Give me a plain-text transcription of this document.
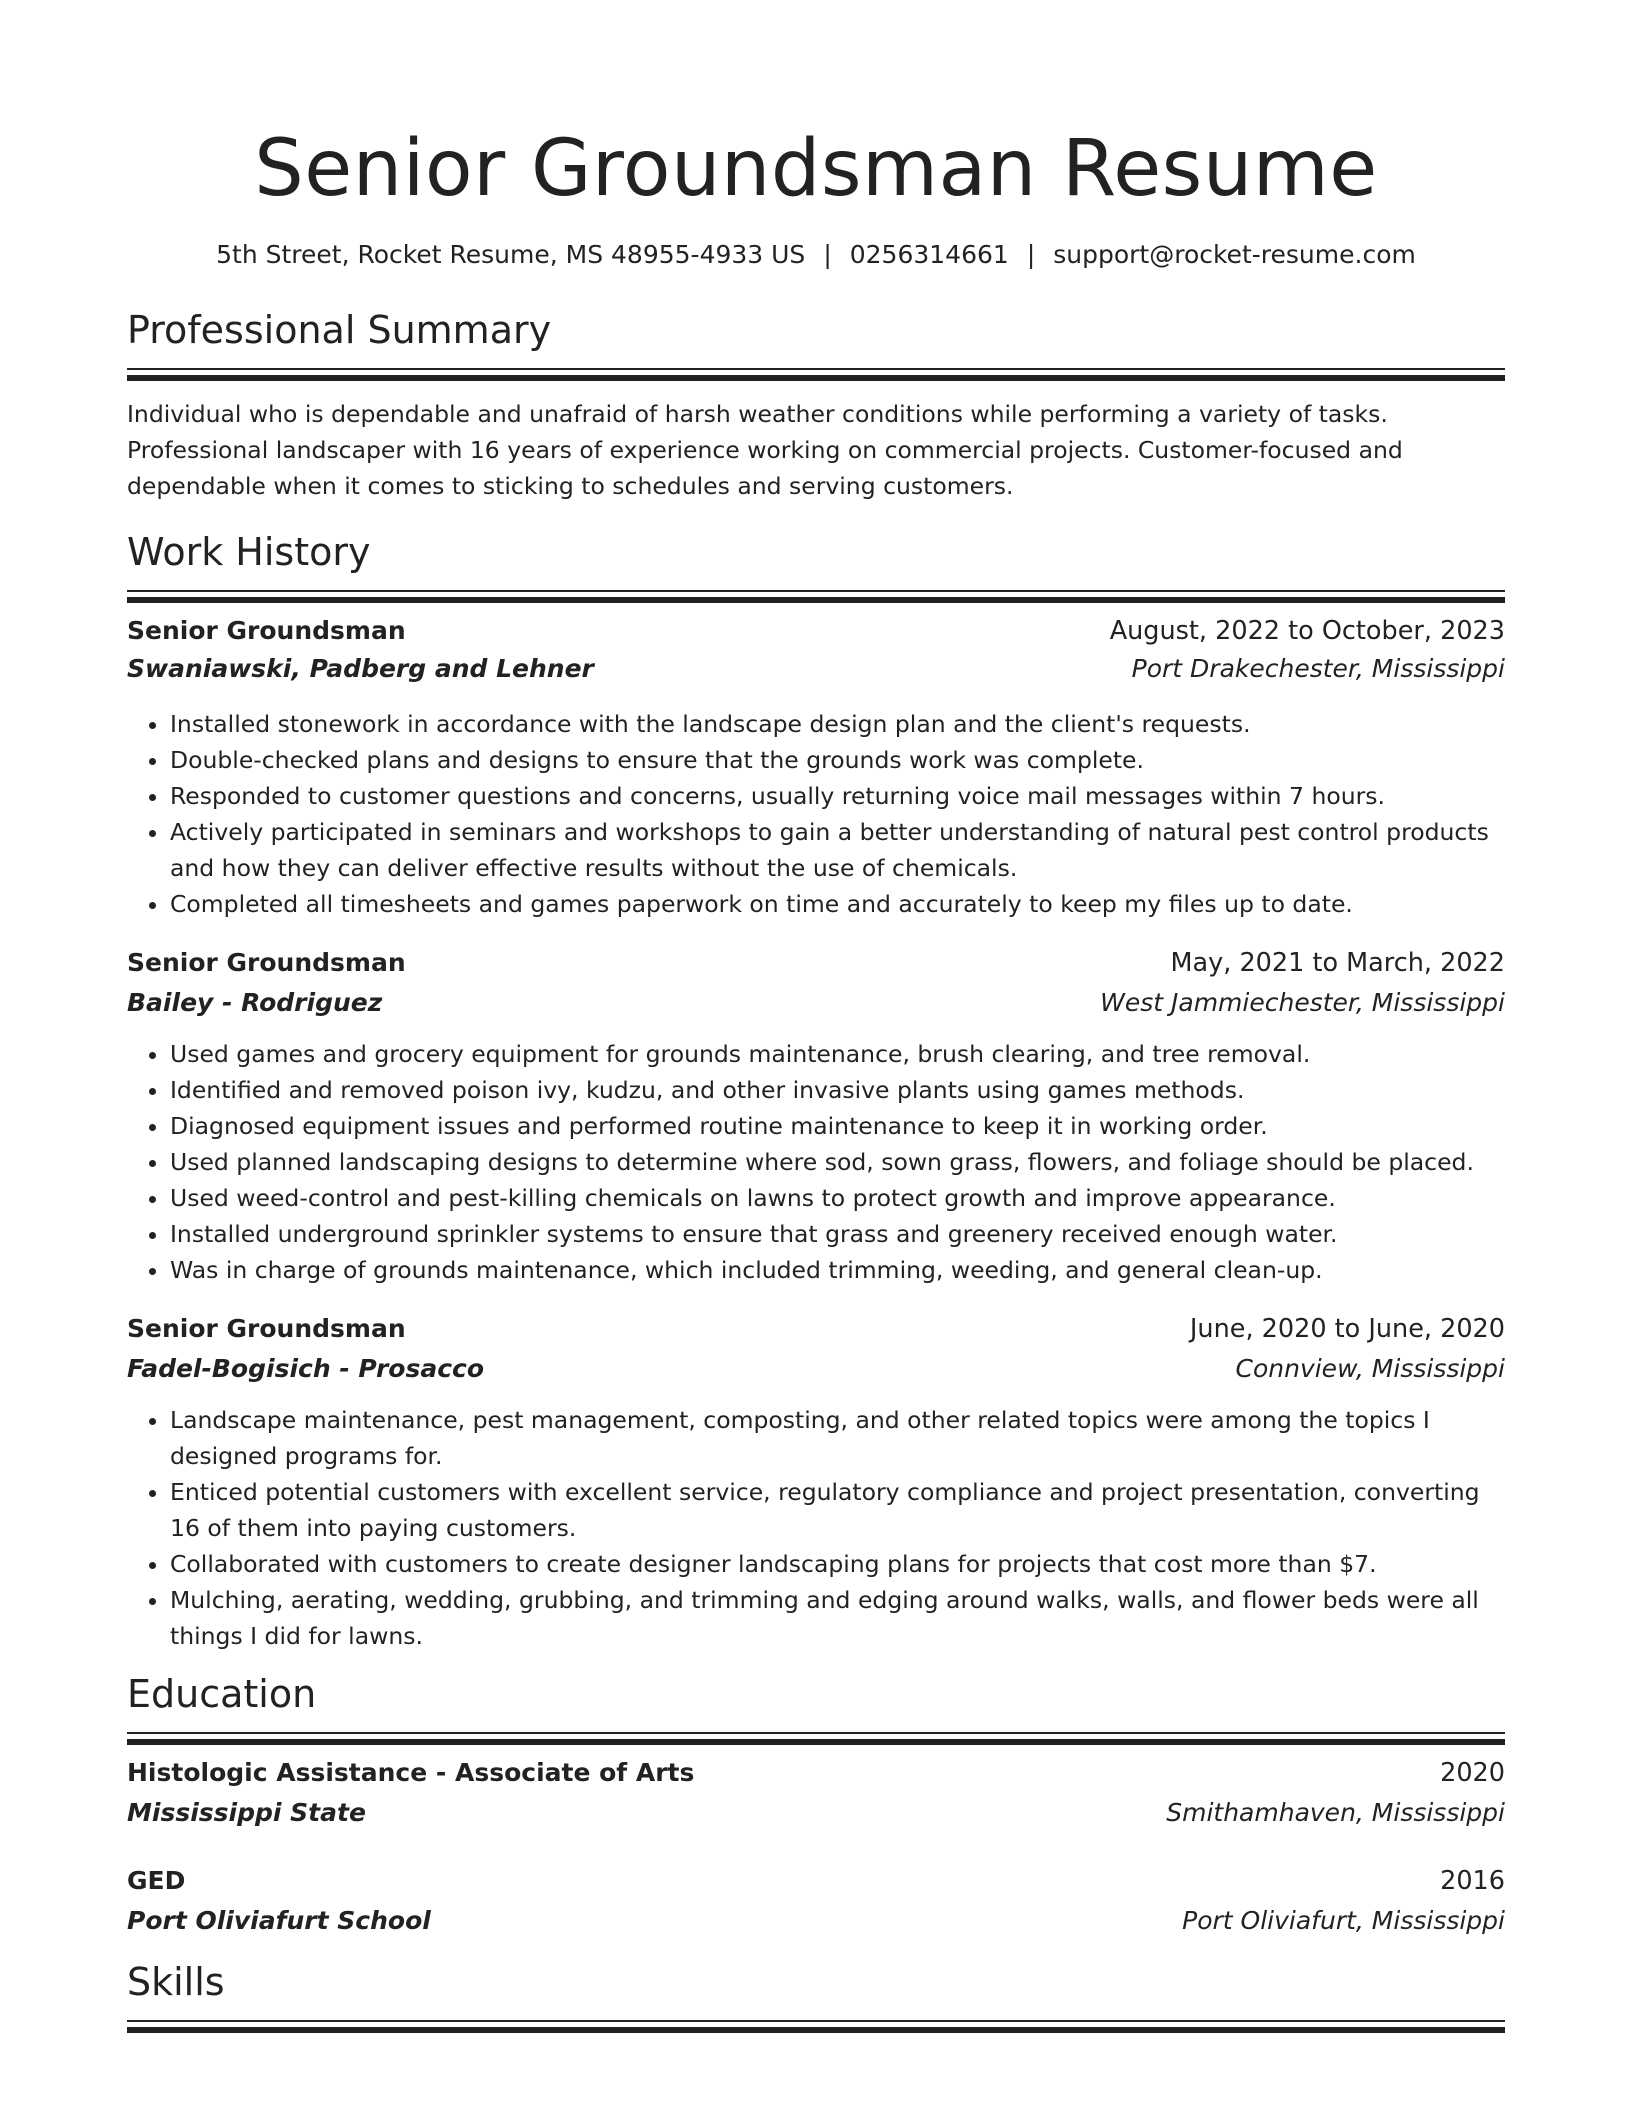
Senior Groundsman Resume
5th Street, Rocket Resume, MS 48955-4933 US | 0256314661 | support@rocket-resume.com
Professional Summary
Individual who is dependable and unafraid of harsh weather conditions while performing a variety of tasks. Professional landscaper with 16 years of experience working on commercial projects. Customer-focused and dependable when it comes to sticking to schedules and serving customers.
Work History
Senior Groundsman	August, 2022 to October, 2023
Swaniawski, Padberg and Lehner	Port Drakechester, Mississippi
• Installed stonework in accordance with the landscape design plan and the client's requests.
• Double-checked plans and designs to ensure that the grounds work was complete.
• Responded to customer questions and concerns, usually returning voice mail messages within 7 hours.
• Actively participated in seminars and workshops to gain a better understanding of natural pest control products and how they can deliver effective results without the use of chemicals.
• Completed all timesheets and games paperwork on time and accurately to keep my files up to date.
Senior Groundsman	May, 2021 to March, 2022
Bailey - Rodriguez	West Jammiechester, Mississippi
• Used games and grocery equipment for grounds maintenance, brush clearing, and tree removal.
• Identified and removed poison ivy, kudzu, and other invasive plants using games methods.
• Diagnosed equipment issues and performed routine maintenance to keep it in working order.
• Used planned landscaping designs to determine where sod, sown grass, flowers, and foliage should be placed.
• Used weed-control and pest-killing chemicals on lawns to protect growth and improve appearance.
• Installed underground sprinkler systems to ensure that grass and greenery received enough water.
• Was in charge of grounds maintenance, which included trimming, weeding, and general clean-up.
Senior Groundsman	June, 2020 to June, 2020
Fadel-Bogisich - Prosacco	Connview, Mississippi
• Landscape maintenance, pest management, composting, and other related topics were among the topics I designed programs for.
• Enticed potential customers with excellent service, regulatory compliance and project presentation, converting 16 of them into paying customers.
• Collaborated with customers to create designer landscaping plans for projects that cost more than $7.
• Mulching, aerating, wedding, grubbing, and trimming and edging around walks, walls, and flower beds were all things I did for lawns.
Education
Histologic Assistance - Associate of Arts	2020
Mississippi State	Smithamhaven, Mississippi
GED	2016
Port Oliviafurt School	Port Oliviafurt, Mississippi
Skills
